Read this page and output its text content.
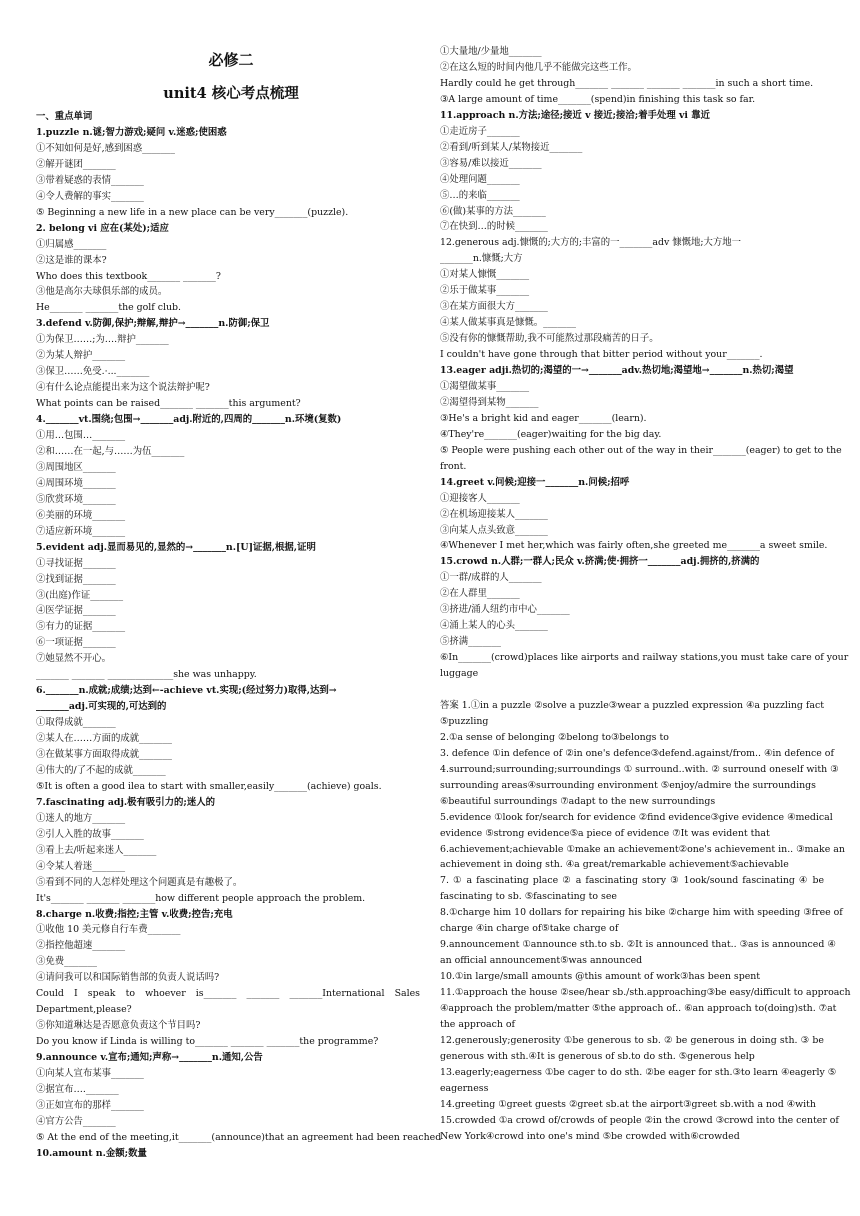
必修二
unit4 核心考点梳理
一、重点单词
1.puzzle n.谜;智力游戏;疑问 v.迷惑;使困惑
①不知如何是好,感到困惑_______
②解开谜团_______
③带着疑惑的表情_______
④令人费解的事实_______
⑤ Beginning a new life in a new place can be very_______(puzzle).
2. belong vi 应在(某处);适应
①归属感_______
②这是谁的课本?
Who does this textbook_______ _______?
③他是高尔夫球俱乐部的成员。
He_______ _______the golf club.
3.defend v.防御,保护;辩解,辩护→_______n.防御;保卫
①为保卫……;为….辩护_______
②为某人辩护_______
③保卫……免受.·..._______
④有什么论点能提出来为这个说法辩护呢?
What points can be raised_______ _______this argument?
4._______vt.围绕;包围→_______adj.附近的,四周的_______n.环境(复数)
①用…包围…_______
②和……在一起,与……为伍_______
③周围地区_______
④周围环境_______
⑤欣赏环境_______
⑥美丽的环境_______
⑦适应新环境_______
5.evident adj.显而易见的,显然的→_______n.[U]证据,根据,证明
①寻找证据_______
②找到证据_______
③(出庭)作证_______
④医学证据_______
⑤有力的证据_______
⑥一项证据_______
⑦她显然不开心。
_______ _______ ______________she was unhappy.
6._______n.成就;成绩;达到←-achieve vt.实现;(经过努力)取得,达到→
_______adj.可实现的,可达到的
①取得成就_______
②某人在……方面的成就_______
③在做某事方面取得成就_______
④伟大的/了不起的成就_______
⑤It is often a good ilea to start with smaller,easily_______(achieve) goals.
7.fascinating adj.极有吸引力的;迷人的
①迷人的地方_______
②引人入胜的故事_______
③看上去/听起来迷人_______
④令某人着迷_______
⑤看到不同的人怎样处理这个问题真是有趣极了。
It's_______ _______ _______how different people approach the problem.
8.charge n.收费;指控;主管 v.收费;控告;充电
①收他 10 美元修自行车费_______
②指控他超速_______
③免费_______
④请问我可以和国际销售部的负责人说话吗?
Could I speak to whoever is_______ _______ _______International Sales
Department,please?
⑤你知道琳达是否愿意负责这个节目吗?
Do you know if Linda is willing to_______ _______ _______the programme?
9.announce v.宣布;通知;声称→_______n.通知,公告
①向某人宣布某事_______
②据宣布…._______
③正如宣布的那样_______
④官方公告_______
⑤ At the end of the meeting,it_______(announce)that an agreement had been reached
10.amount n.金额;数量
①大量地/少量地_______
②在这么短的时间内他几乎不能做完这些工作。
Hardly could he get through_______ _______ _______ _______in such a short time.
③A large amount of time_______(spend)in finishing this task so far.
11.approach n.方法;途径;接近 v 接近;接洽;着手处理 vi 靠近
①走近房子_______
②看到/听到某人/某物接近_______
③容易/难以接近_______
④处理问题_______
⑤…的来临_______
⑥(做)某事的方法_______
⑦在快到…的时候_______
12.generous adj.慷慨的;大方的;丰富的一_______adv 慷慨地;大方地一
_______n.慷慨;大方
①对某人慷慨_______
②乐于做某事_______
③在某方面很大方_______
④某人做某事真是慷慨。_______
⑤没有你的慷慨帮助,我不可能熬过那段痛苦的日子。
I couldn't have gone through that bitter period without your_______.
13.eager adji.热切的;渴望的一→_______adv.热切地;渴望地→_______n.热切;渴望
①渴望做某事_______
②渴望得到某物_______
③He's a bright kid and eager_______(learn).
④They're_______(eager)waiting for the big day.
⑤ People were pushing each other out of the way in their_______(eager) to get to the
front.
14.greet v.问候;迎接一_______n.问候;招呼
①迎接客人_______
②在机场迎接某人_______
③向某人点头致意_______
④Whenever I met her,which was fairly often,she greeted me_______a sweet smile.
15.crowd n.人群;一群人;民众 v.挤满;使·拥挤一_______adj.拥挤的,挤满的
①一群/成群的人_______
②在人群里_______
③挤进/涌人纽约市中心_______
④涌上某人的心头_______
⑤挤满_______
⑥In_______(crowd)places like airports and railway stations,you must take care of your
luggage
答案 1.①in a puzzle ②solve a puzzle③wear a puzzled expression ④a puzzling fact
⑤puzzling
2.①a sense of belonging ②belong to③belongs to
3. defence ①in defence of ②in one's defence③defend.against/from.. ④in defence of
4.surround;surrounding;surroundings ① surround..with. ② surround oneself with ③
surrounding areas④surrounding environment ⑤enjoy/admire the surroundings
⑥beautiful surroundings ⑦adapt to the new surroundings
5.evidence ①look for/search for evidence ②find evidence③give evidence ④medical
evidence ⑤strong evidence⑤a piece of evidence ⑦It was evident that
6.achievement;achievable ①make an achievement②one's achievement in.. ③make an
achievement in doing sth. ④a great/remarkable achievement⑤achievable
7. ① a fascinating place ② a fascinating story ③ 1ook/sound fascinating ④ be
fascinating to sb. ⑤fascinating to see
8.①charge him 10 dollars for repairing his bike ②charge him with speeding ③free of
charge ④in charge of⑤take charge of
9.announcement ①announce sth.to sb. ②It is announced that.. ③as is announced ④
an official announcement⑤was announced
10.①in large/small amounts @this amount of work③has been spent
11.①approach the house ②see/hear sb./sth.approaching③be easy/difficult to approach
④approach the problem/matter ⑤the approach of.. ⑥an approach to(doing)sth. ⑦at
the approach of
12.generously;generosity ①be generous to sb. ② be generous in doing sth. ③ be
generous with sth.④It is generous of sb.to do sth. ⑤generous help
13.eagerly;eagerness ①be cager to do sth. ②be eager for sth.③to learn ④eagerly ⑤
eagerness
14.greeting ①greet guests ②greet sb.at the airport③greet sb.with a nod ④with
15.crowded ①a crowd of/crowds of people ②in the crowd ③crowd into the center of
New York④crowd into one's mind ⑤be crowded with⑥crowded
